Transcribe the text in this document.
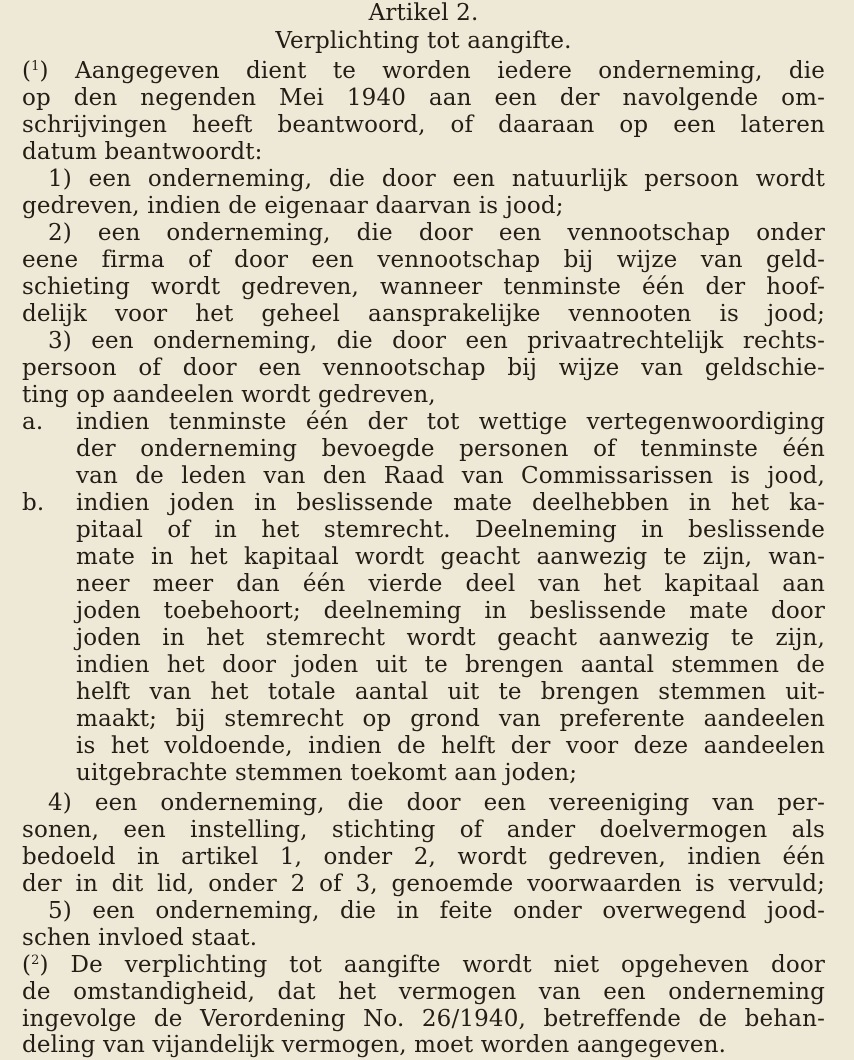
Artikel 2.
Verplichting tot aangifte.
($^1$) Aangegeven dient te worden iedere onderneming, die
op den negenden Mei 1940 aan een der navolgende om-
schrijvingen heeft beantwoord, of daaraan op een lateren
datum beantwoordt:
1) een onderneming, die door een natuurlijk persoon wordt
gedreven, indien de eigenaar daarvan is jood;
2) een onderneming, die door een vennootschap onder
eene firma of door een vennootschap bij wijze van geld-
schieting wordt gedreven, wanneer tenminste één der hoof-
delijk voor het geheel aansprakelijke vennooten is jood;
3) een onderneming, die door een privaatrechtelijk rechts-
persoon of door een vennootschap bij wijze van geldschie-
ting op aandeelen wordt gedreven,
a. indien tenminste één der tot wettige vertegenwoordiging
der onderneming bevoegde personen of tenminste één
van de leden van den Raad van Commissarissen is jood,
b. indien joden in beslissende mate deelhebben in het ka-
pitaal of in het stemrecht. Deelneming in beslissende
mate in het kapitaal wordt geacht aanwezig te zijn, wan-
neer meer dan één vierde deel van het kapitaal aan
joden toebehoort; deelneming in beslissende mate door
joden in het stemrecht wordt geacht aanwezig te zijn,
indien het door joden uit te brengen aantal stemmen de
helft van het totale aantal uit te brengen stemmen uit-
maakt; bij stemrecht op grond van preferente aandeelen
is het voldoende, indien de helft der voor deze aandeelen
uitgebrachte stemmen toekomt aan joden;
4) een onderneming, die door een vereeniging van per-
sonen, een instelling, stichting of ander doelvermogen als
bedoeld in artikel 1, onder 2, wordt gedreven, indien één
der in dit lid, onder 2 of 3, genoemde voorwaarden is vervuld;
5) een onderneming, die in feite onder overwegend jood-
schen invloed staat.
($^2$) De verplichting tot aangifte wordt niet opgeheven door
de omstandigheid, dat het vermogen van een onderneming
ingevolge de Verordening No. 26/1940, betreffende de behan-
deling van vijandelijk vermogen, moet worden aangegeven.
